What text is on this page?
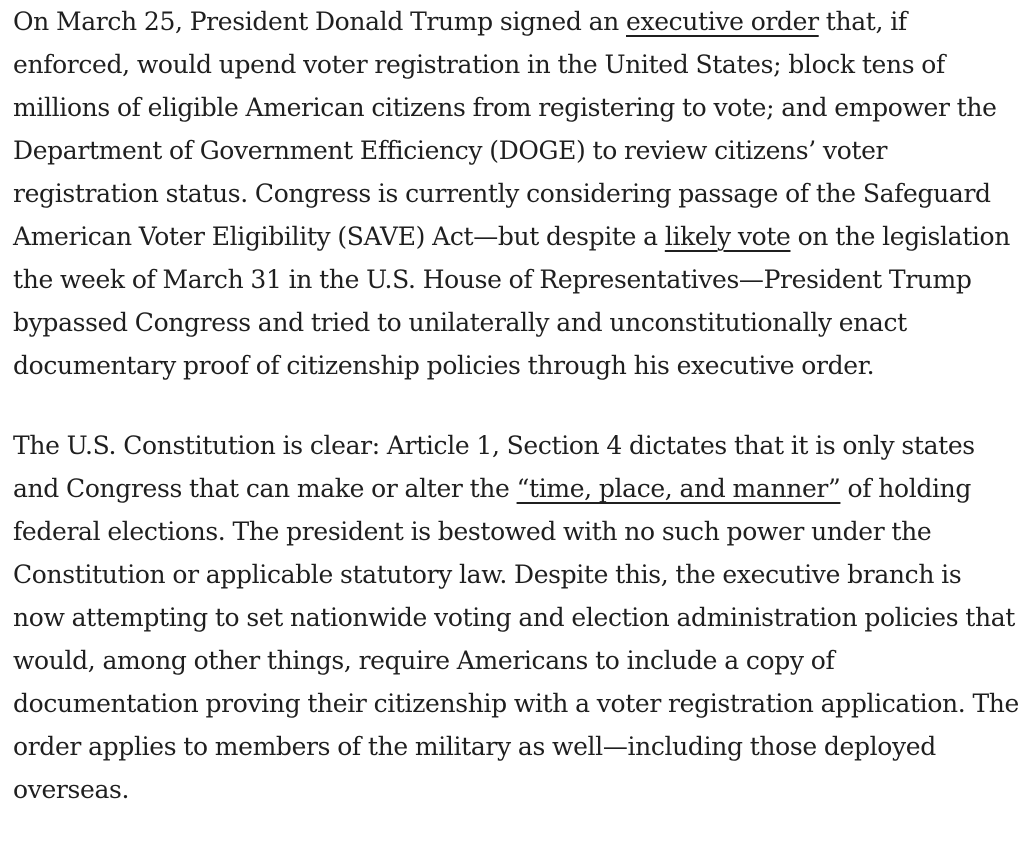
On March 25, President Donald Trump signed an executive order that, if enforced, would upend voter registration in the United States; block tens of millions of eligible American citizens from registering to vote; and empower the Department of Government Efficiency (DOGE) to review citizens’ voter registration status. Congress is currently considering passage of the Safeguard American Voter Eligibility (SAVE) Act—but despite a likely vote on the legislation the week of March 31 in the U.S. House of Representatives—President Trump bypassed Congress and tried to unilaterally and unconstitutionally enact documentary proof of citizenship policies through his executive order.

The U.S. Constitution is clear: Article 1, Section 4 dictates that it is only states and Congress that can make or alter the “time, place, and manner” of holding federal elections. The president is bestowed with no such power under the Constitution or applicable statutory law. Despite this, the executive branch is now attempting to set nationwide voting and election administration policies that would, among other things, require Americans to include a copy of documentation proving their citizenship with a voter registration application. The order applies to members of the military as well—including those deployed overseas.
